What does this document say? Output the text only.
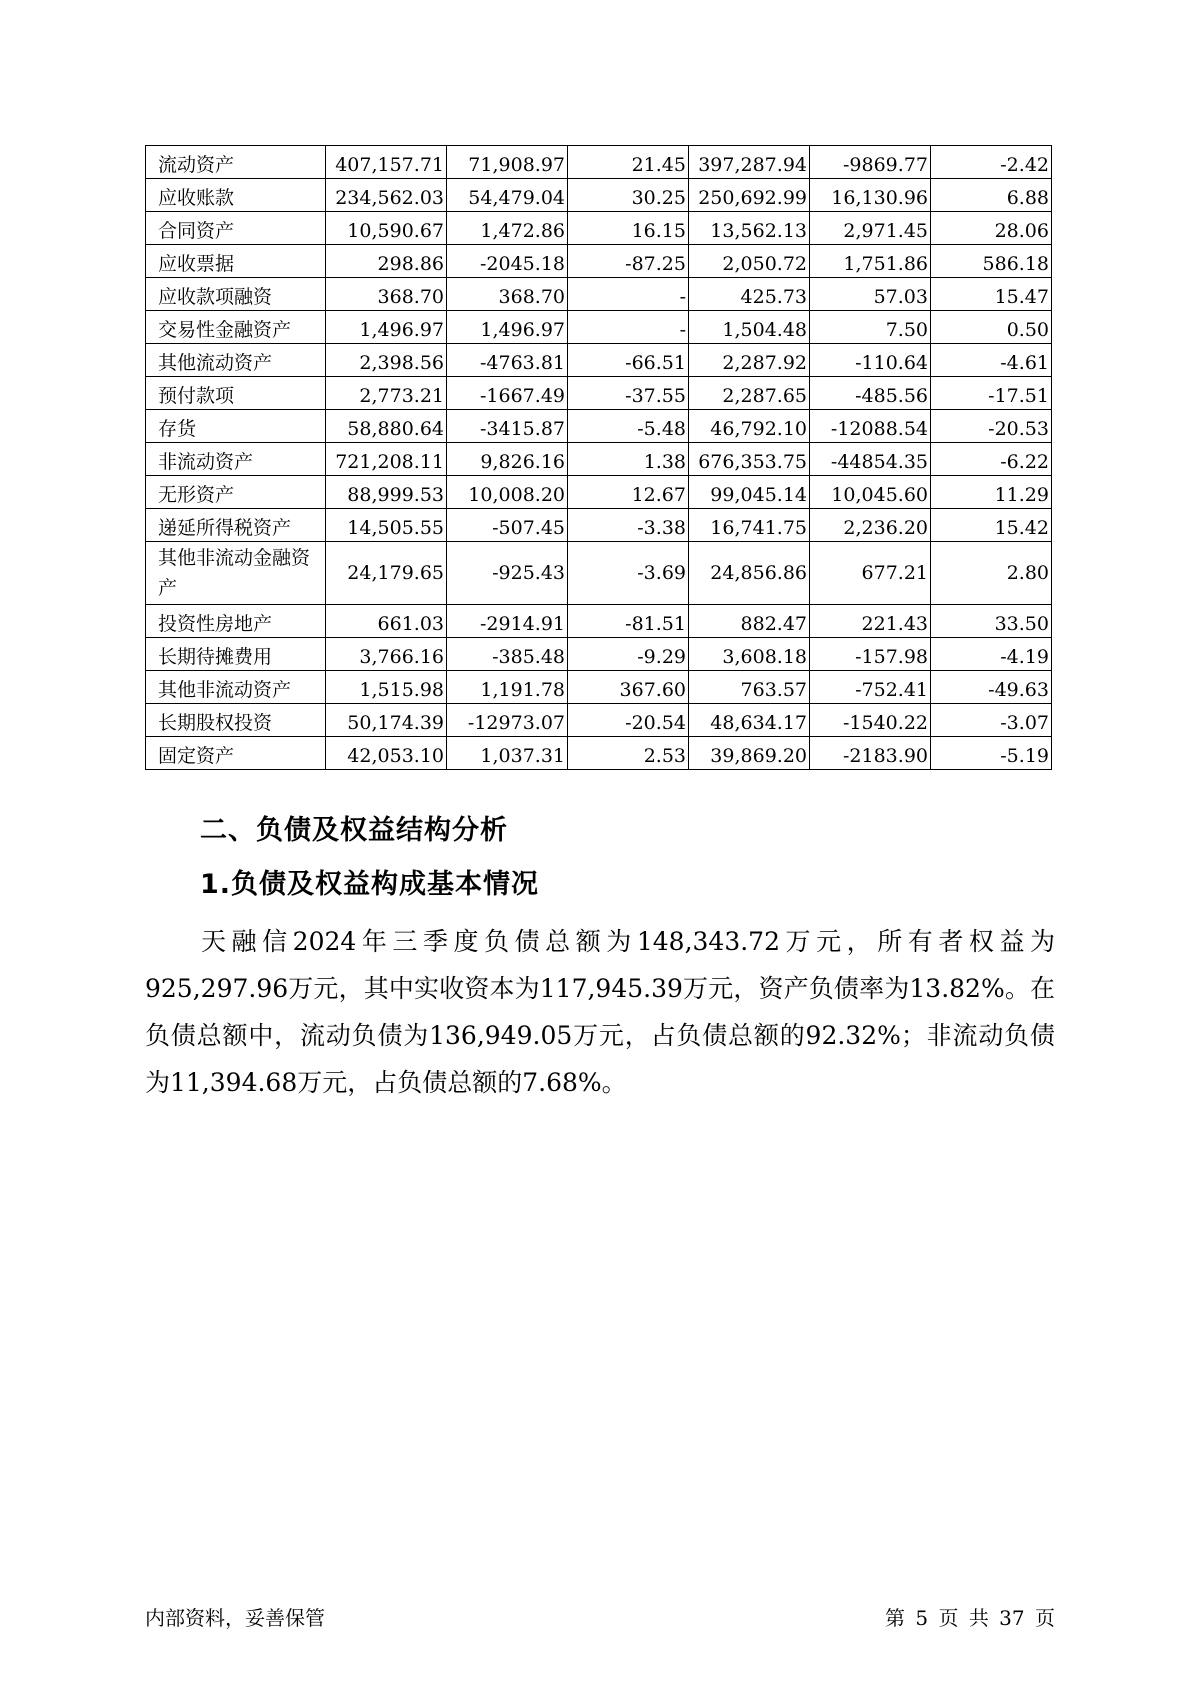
流动资产	407,157.71	71,908.97	21.45	397,287.94	-9869.77	-2.42
应收账款	234,562.03	54,479.04	30.25	250,692.99	16,130.96	6.88
合同资产	10,590.67	1,472.86	16.15	13,562.13	2,971.45	28.06
应收票据	298.86	-2045.18	-87.25	2,050.72	1,751.86	586.18
应收款项融资	368.70	368.70	-	425.73	57.03	15.47
交易性金融资产	1,496.97	1,496.97	-	1,504.48	7.50	0.50
其他流动资产	2,398.56	-4763.81	-66.51	2,287.92	-110.64	-4.61
预付款项	2,773.21	-1667.49	-37.55	2,287.65	-485.56	-17.51
存货	58,880.64	-3415.87	-5.48	46,792.10	-12088.54	-20.53
非流动资产	721,208.11	9,826.16	1.38	676,353.75	-44854.35	-6.22
无形资产	88,999.53	10,008.20	12.67	99,045.14	10,045.60	11.29
递延所得税资产	14,505.55	-507.45	-3.38	16,741.75	2,236.20	15.42
其他非流动金融资产	24,179.65	-925.43	-3.69	24,856.86	677.21	2.80
投资性房地产	661.03	-2914.91	-81.51	882.47	221.43	33.50
长期待摊费用	3,766.16	-385.48	-9.29	3,608.18	-157.98	-4.19
其他非流动资产	1,515.98	1,191.78	367.60	763.57	-752.41	-49.63
长期股权投资	50,174.39	-12973.07	-20.54	48,634.17	-1540.22	-3.07
固定资产	42,053.10	1,037.31	2.53	39,869.20	-2183.90	-5.19
二、负债及权益结构分析
1.负债及权益构成基本情况
天融信2024年三季度负债总额为148,343.72万元，所有者权益为925,297.96万元，其中实收资本为117,945.39万元，资产负债率为13.82%。在负债总额中，流动负债为136,949.05万元，占负债总额的92.32%；非流动负债为11,394.68万元，占负债总额的7.68%。
内部资料，妥善保管	第 5 页 共 37 页
